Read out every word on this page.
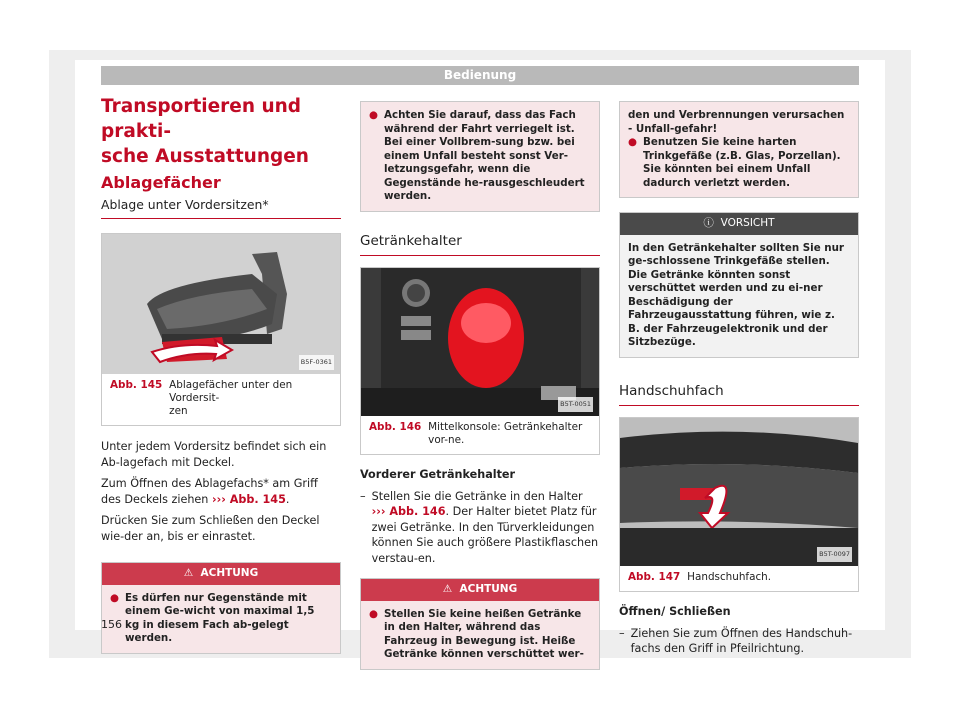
Bedienung
Transportieren und prakti-
sche Ausstattungen
Ablagefächer
Ablage unter Vordersitzen*
B5F-0361
Abb. 145 Ablagefächer unter den Vordersit-
zen

Unter jedem Vordersitz befindet sich ein Ab-lagefach mit Deckel.

Zum Öffnen des Ablagefachs* am Griff des Deckels ziehen ››› Abb. 145.

Drücken Sie zum Schließen den Deckel wie-der an, bis er einrastet.

⚠ ACHTUNG
● Es dürfen nur Gegenstände mit einem Ge-wicht von maximal 1,5 kg in diesem Fach ab-gelegt werden.
● Achten Sie darauf, dass das Fach während der Fahrt verriegelt ist. Bei einer Vollbrem-sung bzw. bei einem Unfall besteht sonst Ver-letzungsgefahr, wenn die Gegenstände he-rausgeschleudert werden.
Getränkehalter
B5T-0051
Abb. 146 Mittelkonsole: Getränkehalter vor-ne.

Vorderer Getränkehalter

– Stellen Sie die Getränke in den Halter ››› Abb. 146. Der Halter bietet Platz für zwei Getränke. In den Türverkleidungen können Sie auch größere Plastikflaschen verstau-en.
⚠ ACHTUNG
● Stellen Sie keine heißen Getränke in den Halter, während das Fahrzeug in Bewegung ist. Heiße Getränke können verschüttet wer-
den und Verbrennungen verursachen - Unfall-gefahr!
● Benutzen Sie keine harten Trinkgefäße (z.B. Glas, Porzellan). Sie könnten bei einem Unfall dadurch verletzt werden.
ⓘ VORSICHT
In den Getränkehalter sollten Sie nur ge-schlossene Trinkgefäße stellen. Die Getränke könnten sonst verschüttet werden und zu ei-ner Beschädigung der Fahrzeugausstattung führen, wie z. B. der Fahrzeugelektronik und der Sitzbezüge.
Handschuhfach
B5T-0097
Abb. 147 Handschuhfach.

Öffnen/ Schließen

– Ziehen Sie zum Öffnen des Handschuh-fachs den Griff in Pfeilrichtung.
156
